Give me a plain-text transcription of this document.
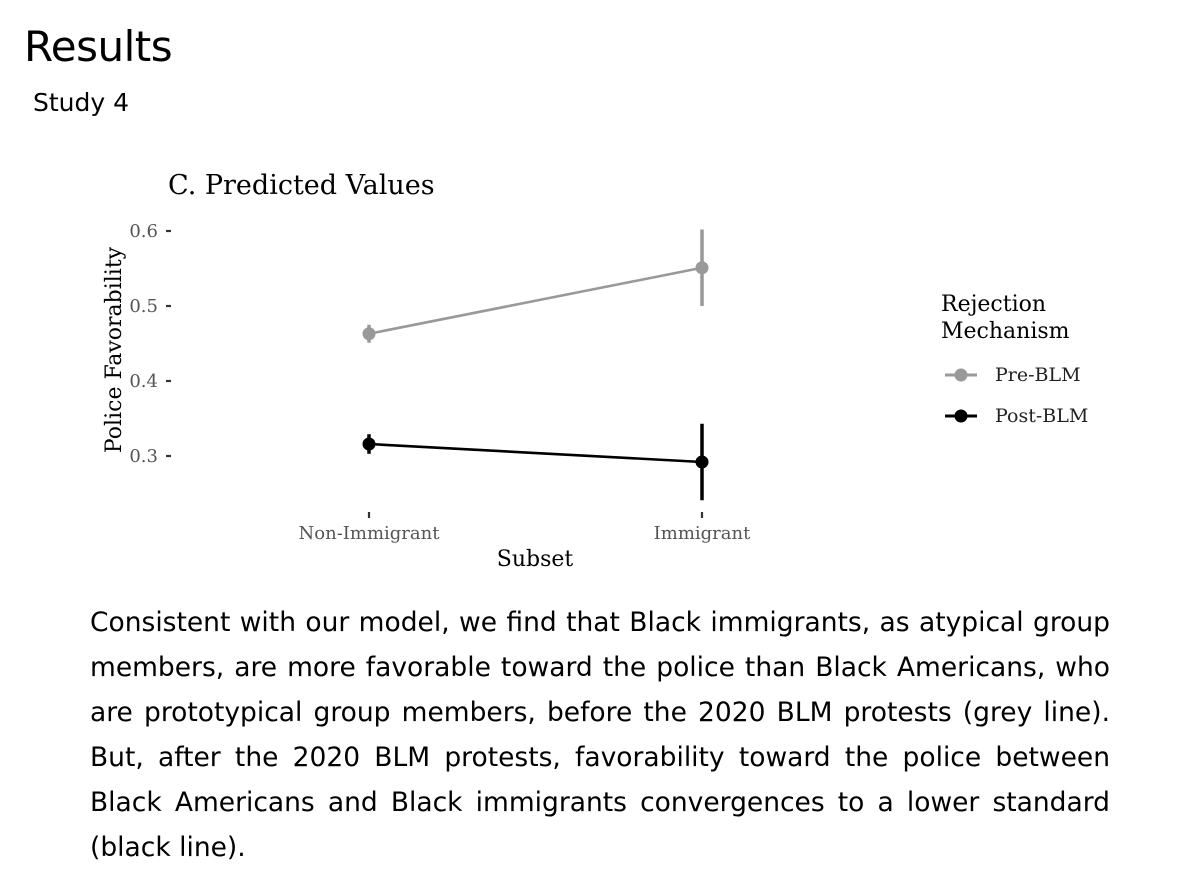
Results
Study 4
C. Predicted Values
Police Favorability
Subset
0.3
0.4
0.5
0.6
Non-Immigrant	Immigrant
Rejection Mechanism
Pre-BLM
Post-BLM

Consistent with our model, we find that Black immigrants, as atypical group members, are more favorable toward the police than Black Americans, who are prototypical group members, before the 2020 BLM protests (grey line). But, after the 2020 BLM protests, favorability toward the police between Black Americans and Black immigrants convergences to a lower standard (black line).
